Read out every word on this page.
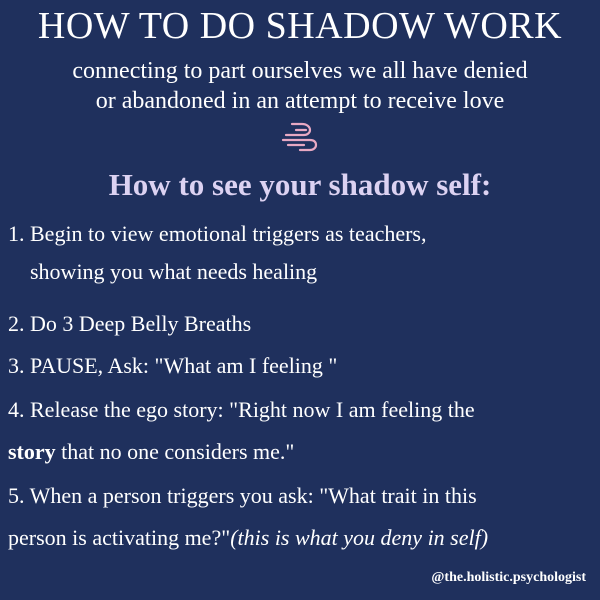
HOW TO DO SHADOW WORK
connecting to part ourselves we all have denied
or abandoned in an attempt to receive love
How to see your shadow self:
1. Begin to view emotional triggers as teachers,
showing you what needs healing
2. Do 3 Deep Belly Breaths
3. PAUSE, Ask: "What am I feeling "
4. Release the ego story: "Right now I am feeling the
story that no one considers me."
5. When a person triggers you ask: "What trait in this
person is activating me?"(this is what you deny in self)
@the.holistic.psychologist
